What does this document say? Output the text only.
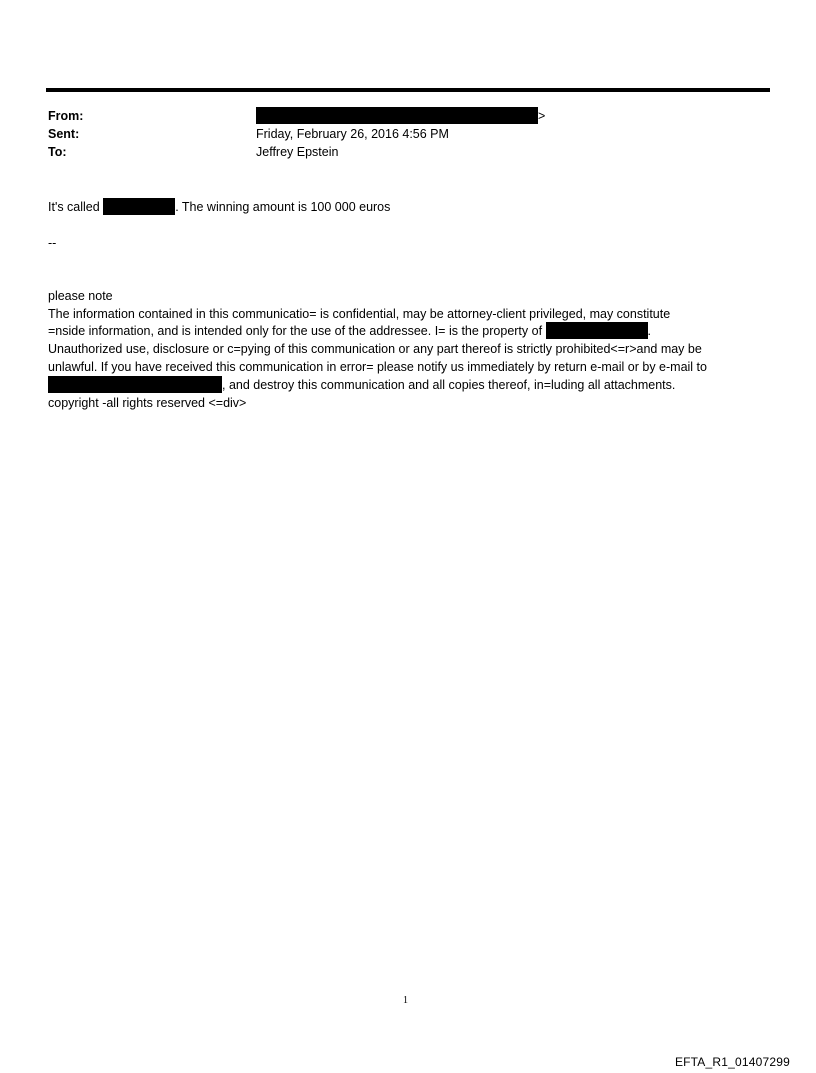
From:	>
Sent:	Friday, February 26, 2016 4:56 PM
To:	Jeffrey Epstein
It's called	. The winning amount is 100 000 euros
--
please note
The information contained in this communicatio= is confidential, may be attorney-client privileged, may constitute
=nside information, and is intended only for the use of the addressee. I= is the property of	.
Unauthorized use, disclosure or c=pying of this communication or any part thereof is strictly prohibited<=r>and may be
unlawful. If you have received this communication in error= please notify us immediately by return e-mail or by e-mail to
, and destroy this communication and all copies thereof, in=luding all attachments.
copyright -all rights reserved <=div>
1
EFTA_R1_01407299
